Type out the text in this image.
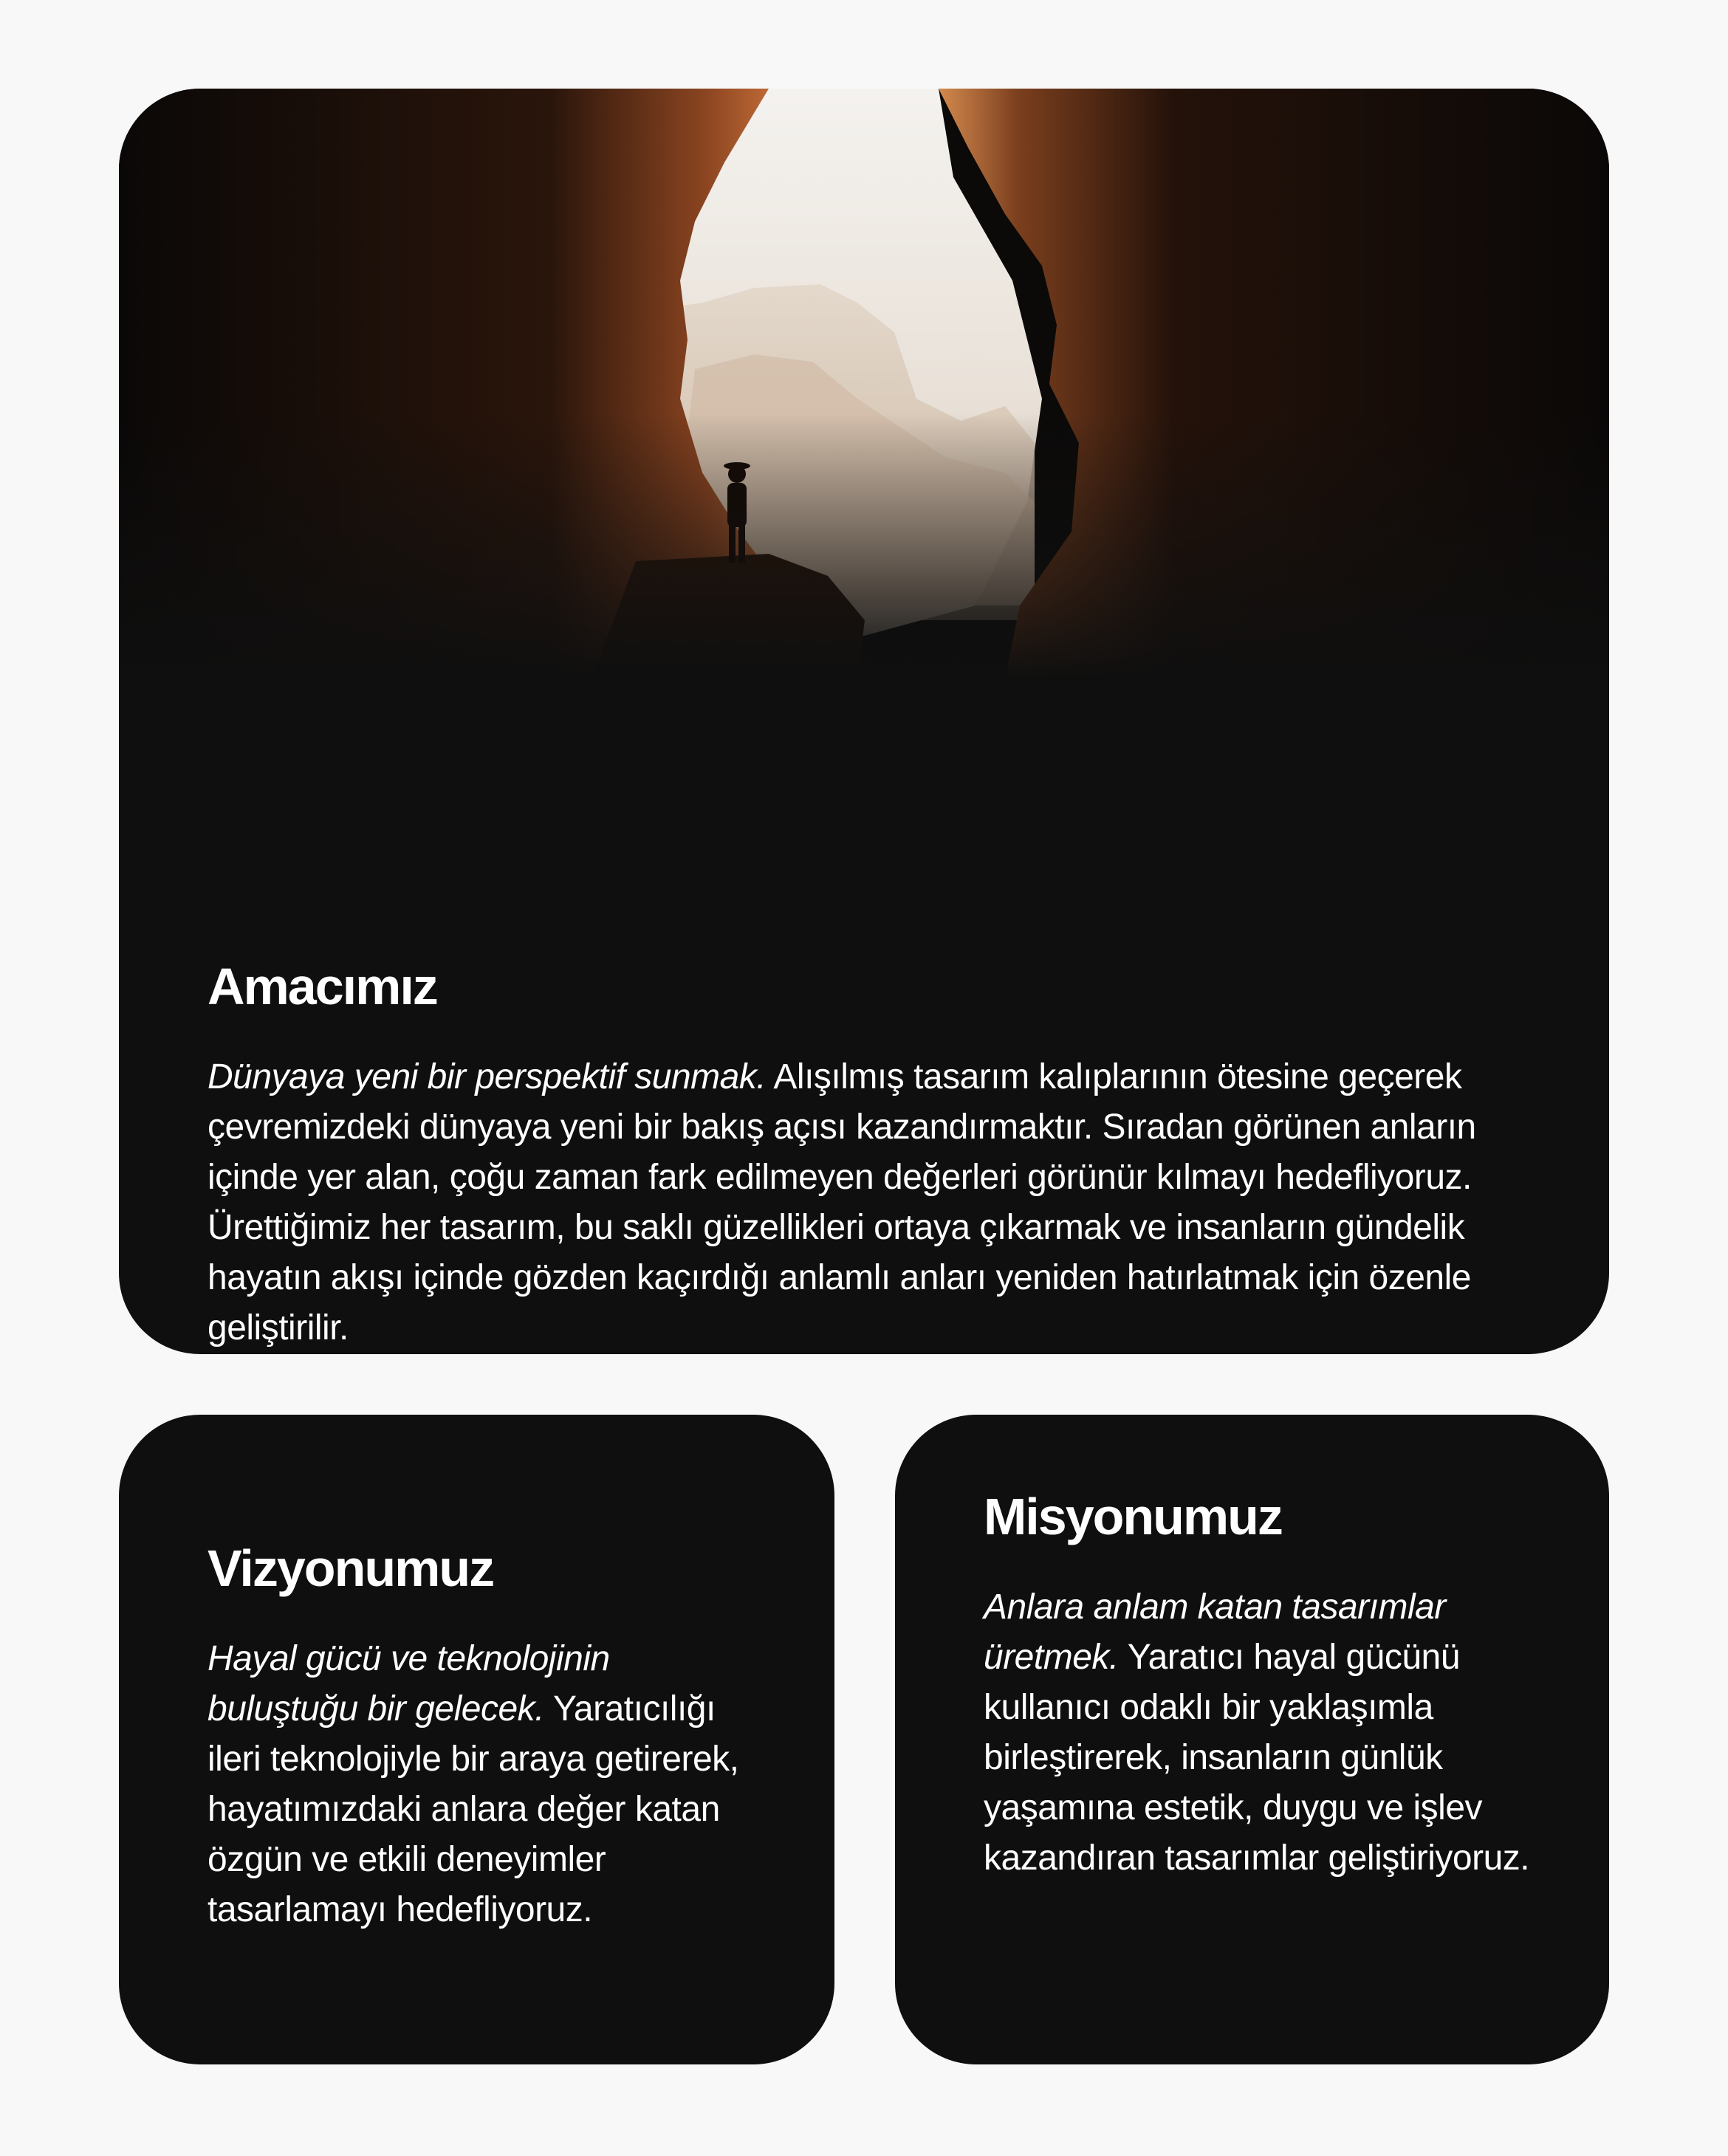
Amacımız

Dünyaya yeni bir perspektif sunmak. Alışılmış tasarım kalıplarının ötesine geçerek çevremizdeki dünyaya yeni bir bakış açısı kazandırmaktır. Sıradan görünen anların içinde yer alan, çoğu zaman fark edilmeyen değerleri görünür kılmayı hedefliyoruz. Ürettiğimiz her tasarım, bu saklı güzellikleri ortaya çıkarmak ve insanların gündelik hayatın akışı içinde gözden kaçırdığı anlamlı anları yeniden hatırlatmak için özenle geliştirilir.

Vizyonumuz

Hayal gücü ve teknolojinin buluştuğu bir gelecek. Yaratıcılığı ileri teknolojiyle bir araya getirerek, hayatımızdaki anlara değer katan özgün ve etkili deneyimler tasarlamayı hedefliyoruz.

Misyonumuz

Anlara anlam katan tasarımlar üretmek. Yaratıcı hayal gücünü kullanıcı odaklı bir yaklaşımla birleştirerek, insanların günlük yaşamına estetik, duygu ve işlev kazandıran tasarımlar geliştiriyoruz.
